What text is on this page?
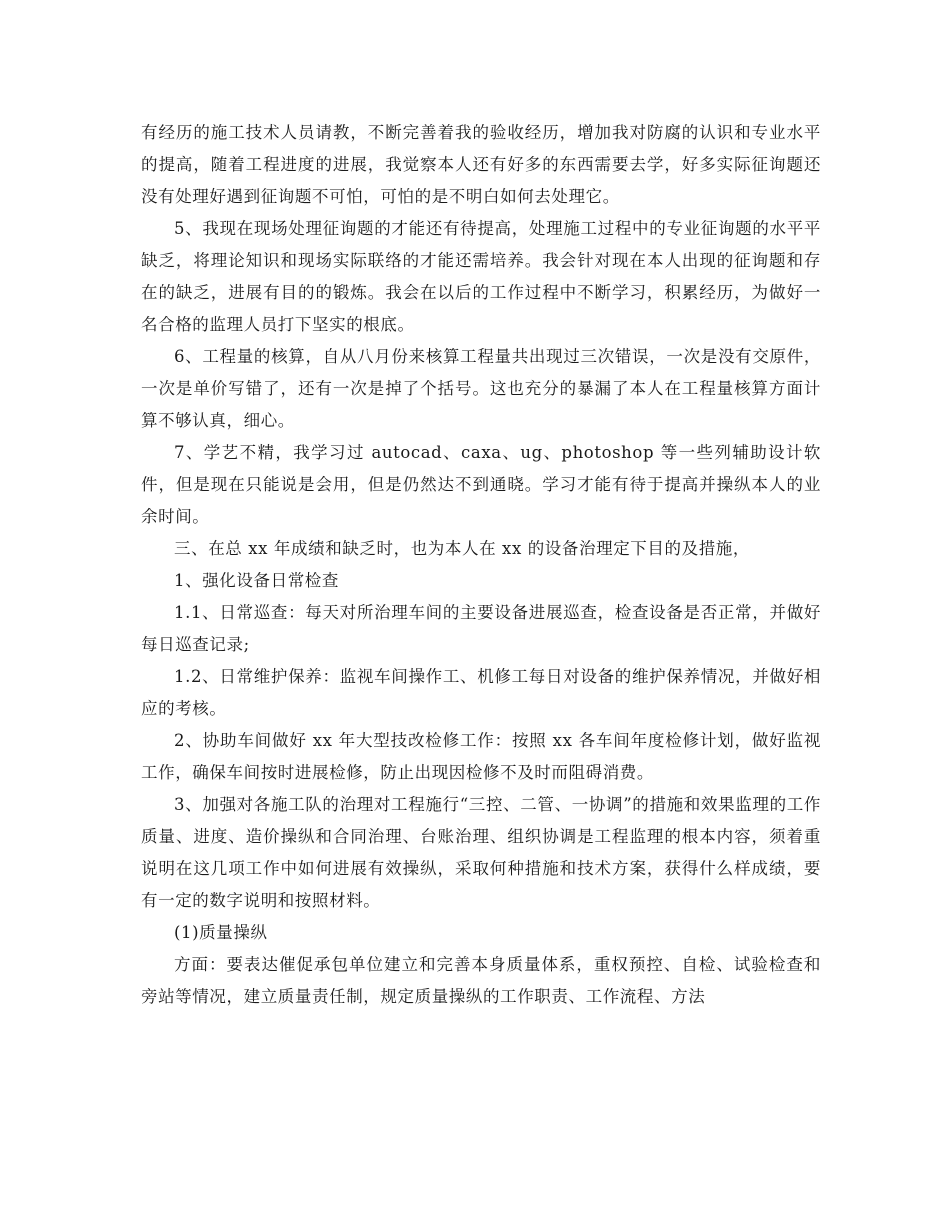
有经历的施工技术人员请教，不断完善着我的验收经历，增加我对防腐的认识和专业水平的提高，随着工程进度的进展，我觉察本人还有好多的东西需要去学，好多实际征询题还没有处理好遇到征询题不可怕，可怕的是不明白如何去处理它。

5、我现在现场处理征询题的才能还有待提高，处理施工过程中的专业征询题的水平平缺乏，将理论知识和现场实际联络的才能还需培养。我会针对现在本人出现的征询题和存在的缺乏，进展有目的的锻炼。我会在以后的工作过程中不断学习，积累经历，为做好一名合格的监理人员打下坚实的根底。

6、工程量的核算，自从八月份来核算工程量共出现过三次错误，一次是没有交原件，一次是单价写错了，还有一次是掉了个括号。这也充分的暴漏了本人在工程量核算方面计算不够认真，细心。

7、学艺不精，我学习过 autocad、caxa、ug、photoshop 等一些列辅助设计软件，但是现在只能说是会用，但是仍然达不到通晓。学习才能有待于提高并操纵本人的业余时间。

三、在总 xx 年成绩和缺乏时，也为本人在 xx 的设备治理定下目的及措施，

1、强化设备日常检查

1.1、日常巡查：每天对所治理车间的主要设备进展巡查，检查设备是否正常，并做好每日巡查记录;

1.2、日常维护保养：监视车间操作工、机修工每日对设备的维护保养情况，并做好相应的考核。

2、协助车间做好 xx 年大型技改检修工作：按照 xx 各车间年度检修计划，做好监视工作，确保车间按时进展检修，防止出现因检修不及时而阻碍消费。

3、加强对各施工队的治理对工程施行“三控、二管、一协调”的措施和效果监理的工作质量、进度、造价操纵和合同治理、台账治理、组织协调是工程监理的根本内容，须着重说明在这几项工作中如何进展有效操纵，采取何种措施和技术方案，获得什么样成绩，要有一定的数字说明和按照材料。

(1)质量操纵

方面：要表达催促承包单位建立和完善本身质量体系，重权预控、自检、试验检查和旁站等情况，建立质量责任制，规定质量操纵的工作职责、工作流程、方法
